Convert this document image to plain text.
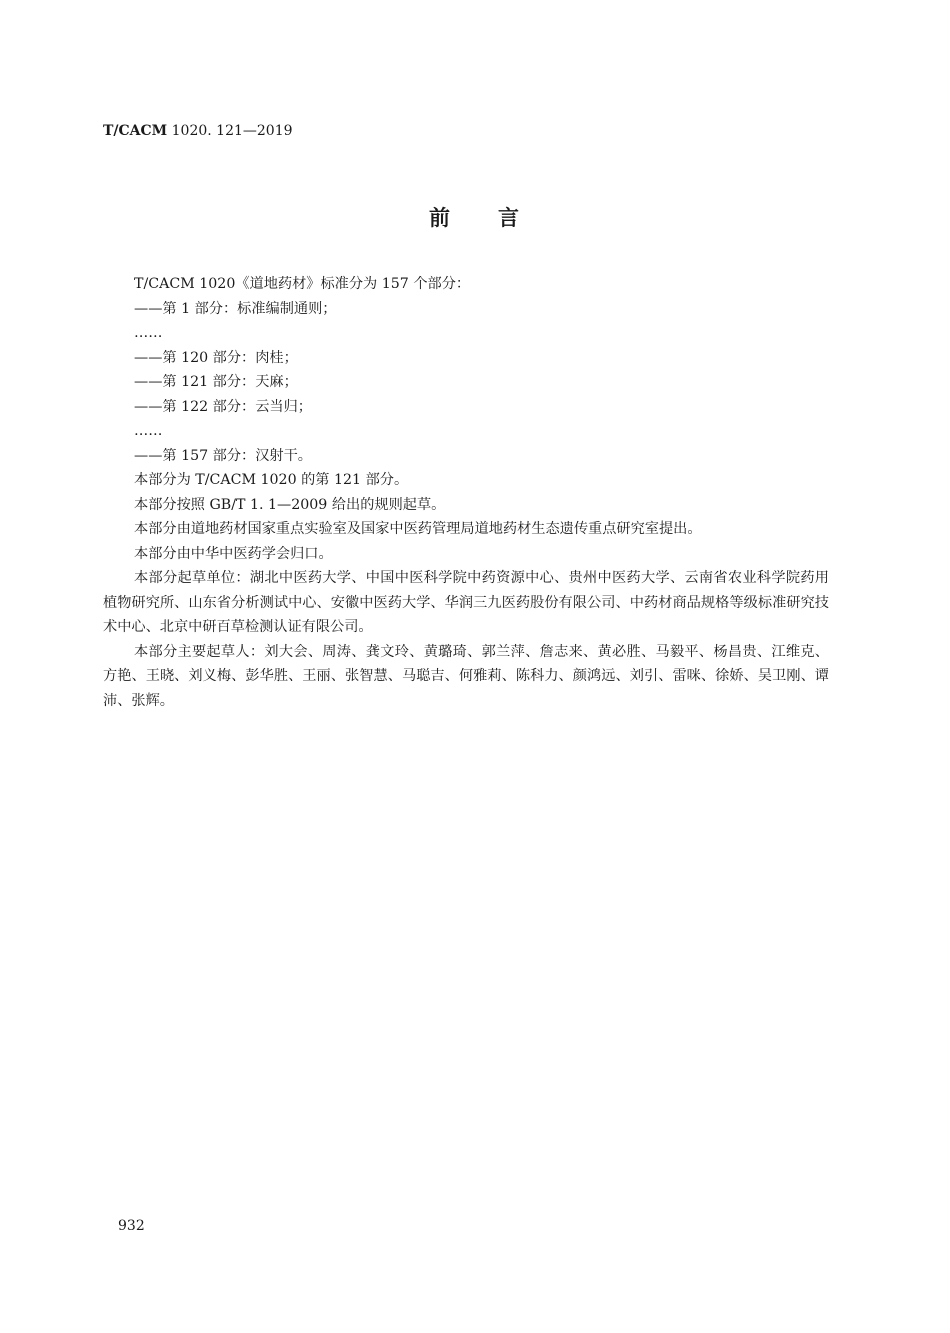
T/CACM 1020. 121—2019
前 言

T/CACM 1020《道地药材》标准分为 157 个部分：

——第 1 部分：标准编制通则；

……

——第 120 部分：肉桂；

——第 121 部分：天麻；

——第 122 部分：云当归；

……

——第 157 部分：汉射干。

本部分为 T/CACM 1020 的第 121 部分。

本部分按照 GB/T 1. 1—2009 给出的规则起草。

本部分由道地药材国家重点实验室及国家中医药管理局道地药材生态遗传重点研究室提出。

本部分由中华中医药学会归口。

本部分起草单位：湖北中医药大学、中国中医科学院中药资源中心、贵州中医药大学、云南省农业科学院药用植物研究所、山东省分析测试中心、安徽中医药大学、华润三九医药股份有限公司、中药材商品规格等级标准研究技术中心、北京中研百草检测认证有限公司。

本部分主要起草人：刘大会、周涛、龚文玲、黄璐琦、郭兰萍、詹志来、黄必胜、马毅平、杨昌贵、江维克、方艳、王晓、刘义梅、彭华胜、王丽、张智慧、马聪吉、何雅莉、陈科力、颜鸿远、刘引、雷咪、徐娇、吴卫刚、谭沛、张辉。

932
